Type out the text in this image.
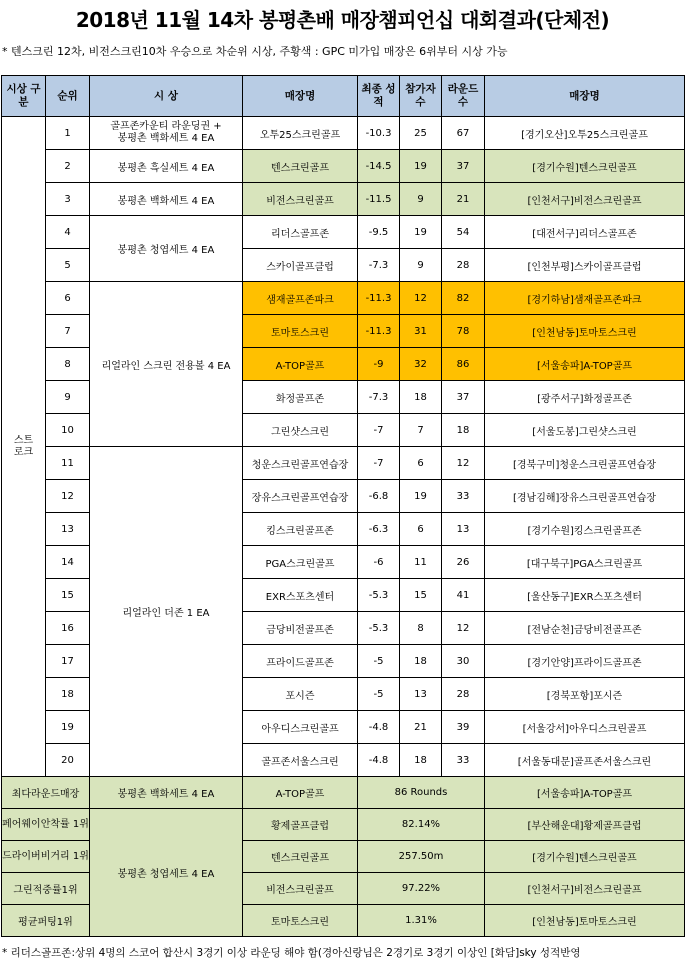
2018년 11월 14차 봉평촌배 매장챔피언십 대회결과(단체전)
* 텐스크린 12차, 비전스크린10차 우승으로 차순위 시상, 주황색 : GPC 미가입 매장은 6위부터 시상 가능
시상 구분	순위	시 상	매장명	최종 성적	참가자 수	라운드 수	매장명
스트로크	1	골프존카운티 라운딩권 + 봉평촌 백화세트 4 EA	오투25스크린골프	-10.3	25	67	[경기오산]오투25스크린골프
	2	봉평촌 흑실세트 4 EA	텐스크린골프	-14.5	19	37	[경기수원]텐스크린골프
	3	봉평촌 백화세트 4 EA	비전스크린골프	-11.5	9	21	[인천서구]비전스크린골프
	4	봉평촌 청엽세트 4 EA	리더스골프존	-9.5	19	54	[대전서구]리더스골프존
	5		스카이골프클럽	-7.3	9	28	[인천부평]스카이골프클럽
	6	리얼라인 스크린 전용볼 4 EA	샘재골프존파크	-11.3	12	82	[경기하남]샘재골프존파크
	7		토마토스크린	-11.3	31	78	[인천남동]토마토스크린
	8		A-TOP골프	-9	32	86	[서울송파]A-TOP골프
	9		화정골프존	-7.3	18	37	[광주서구]화정골프존
	10		그린샷스크린	-7	7	18	[서울도봉]그린샷스크린
	11	리얼라인 더존 1 EA	청운스크린골프연습장	-7	6	12	[경북구미]청운스크린골프연습장
	12		장유스크린골프연습장	-6.8	19	33	[경남김해]장유스크린골프연습장
	13		킹스크린골프존	-6.3	6	13	[경기수원]킹스크린골프존
	14		PGA스크린골프	-6	11	26	[대구북구]PGA스크린골프
	15		EXR스포츠센터	-5.3	15	41	[울산동구]EXR스포츠센터
	16		금당비전골프존	-5.3	8	12	[전남순천]금당비전골프존
	17		프라이드골프존	-5	18	30	[경기안양]프라이드골프존
	18		포시즌	-5	13	28	[경북포항]포시즌
	19		아우디스크린골프	-4.8	21	39	[서울강서]아우디스크린골프
	20		골프존서울스크린	-4.8	18	33	[서울동대문]골프존서울스크린
최다라운드매장		봉평촌 백화세트 4 EA	A-TOP골프	86 Rounds			[서울송파]A-TOP골프
페어웨이안착률 1위		봉평촌 청엽세트 4 EA	황제골프클럽	82.14%			[부산해운대]황제골프클럽
드라이버비거리 1위			텐스크린골프	257.50m			[경기수원]텐스크린골프
그린적중률1위			비전스크린골프	97.22%			[인천서구]비전스크린골프
평균퍼팅1위			토마토스크린	1.31%			[인천남동]토마토스크린
* 리더스골프존:상위 4명의 스코어 합산시 3경기 이상 라운딩 해야 함(경아신랑님은 2경기로 3경기 이상인 [화담]sky 성적반영
